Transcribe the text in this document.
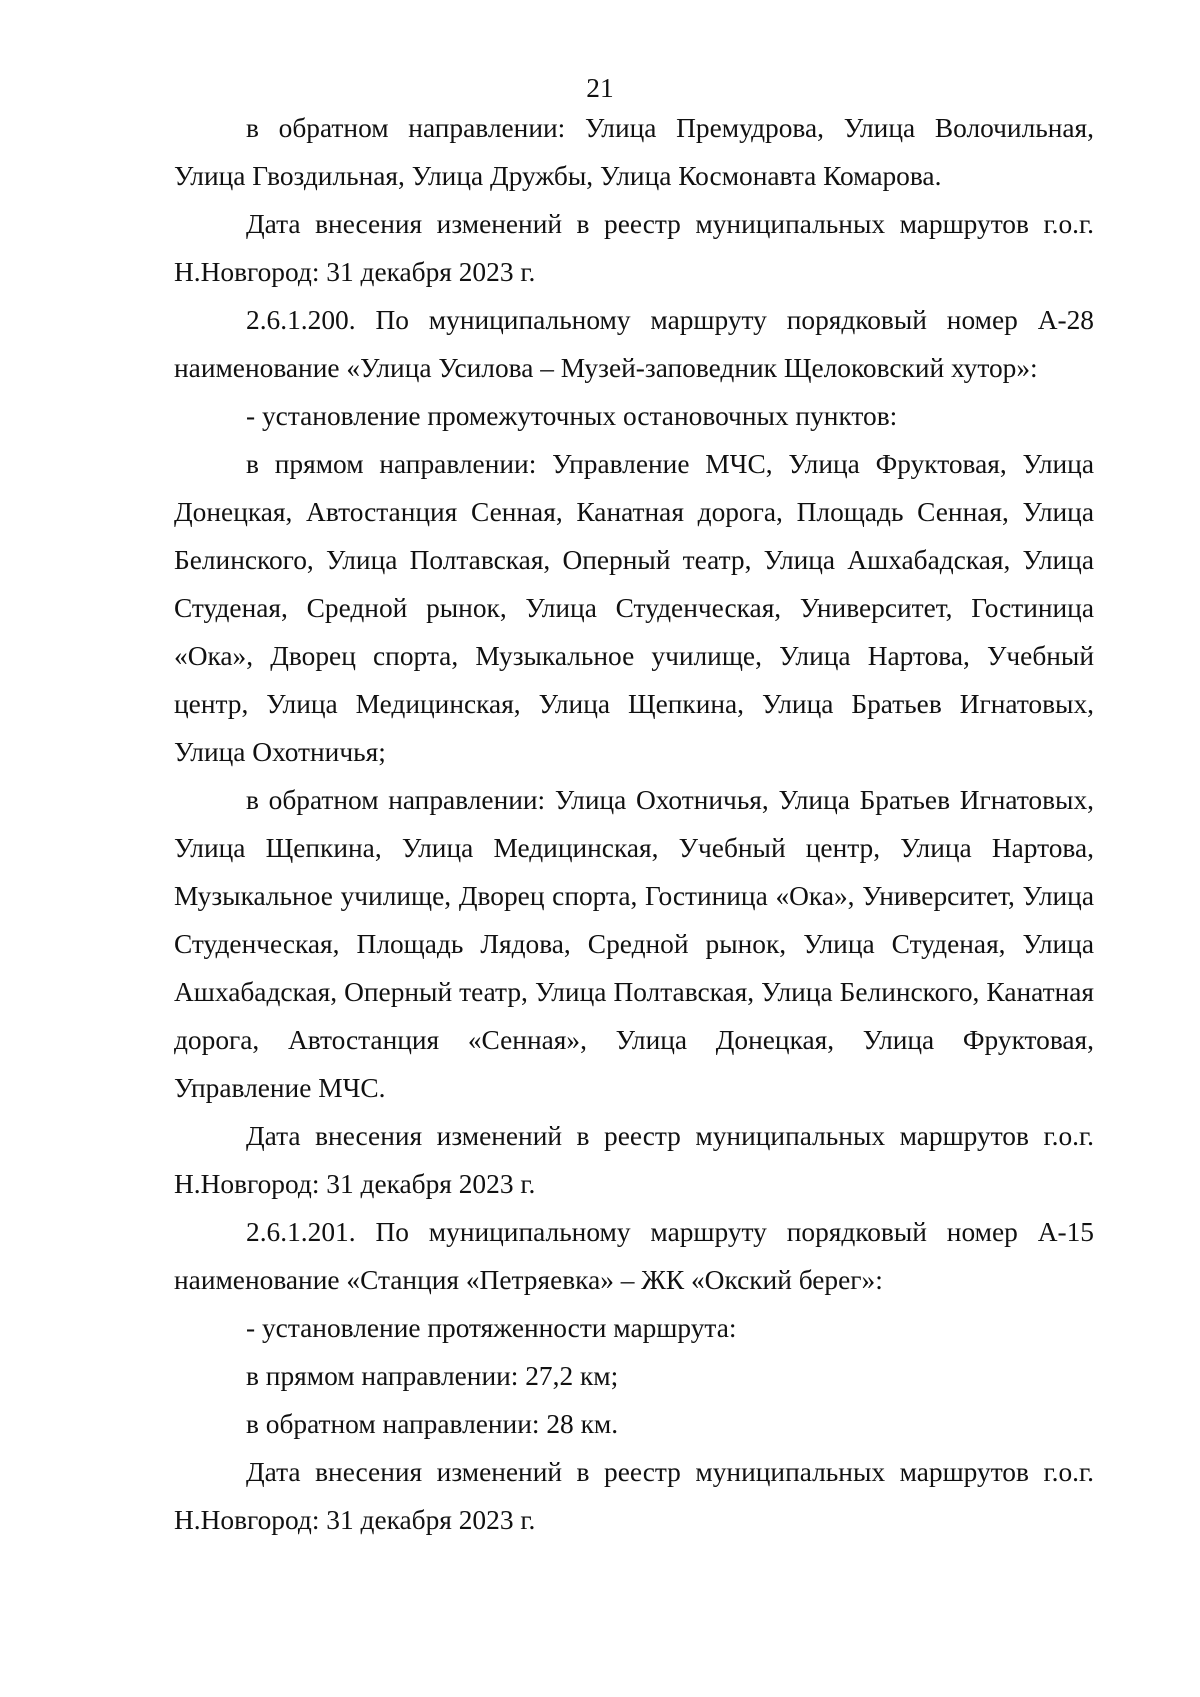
21

в обратном направлении: Улица Премудрова, Улица Волочильная, Улица Гвоздильная, Улица Дружбы, Улица Космонавта Комарова.

Дата внесения изменений в реестр муниципальных маршрутов г.о.г. Н.Новгород: 31 декабря 2023 г.

2.6.1.200. По муниципальному маршруту порядковый номер А-28 наименование «Улица Усилова – Музей-заповедник Щелоковский хутор»:

- установление промежуточных остановочных пунктов:

в прямом направлении: Управление МЧС, Улица Фруктовая, Улица Донецкая, Автостанция Сенная, Канатная дорога, Площадь Сенная, Улица Белинского, Улица Полтавская, Оперный театр, Улица Ашхабадская, Улица Студеная, Средной рынок, Улица Студенческая, Университет, Гостиница «Ока», Дворец спорта, Музыкальное училище, Улица Нартова, Учебный центр, Улица Медицинская, Улица Щепкина, Улица Братьев Игнатовых, Улица Охотничья;

в обратном направлении: Улица Охотничья, Улица Братьев Игнатовых, Улица Щепкина, Улица Медицинская, Учебный центр, Улица Нартова, Музыкальное училище, Дворец спорта, Гостиница «Ока», Университет, Улица Студенческая, Площадь Лядова, Средной рынок, Улица Студеная, Улица Ашхабадская, Оперный театр, Улица Полтавская, Улица Белинского, Канатная дорога, Автостанция «Сенная», Улица Донецкая, Улица Фруктовая, Управление МЧС.

Дата внесения изменений в реестр муниципальных маршрутов г.о.г. Н.Новгород: 31 декабря 2023 г.

2.6.1.201. По муниципальному маршруту порядковый номер А-15 наименование «Станция «Петряевка» – ЖК «Окский берег»:

- установление протяженности маршрута:

в прямом направлении: 27,2 км;

в обратном направлении: 28 км.

Дата внесения изменений в реестр муниципальных маршрутов г.о.г. Н.Новгород: 31 декабря 2023 г.
